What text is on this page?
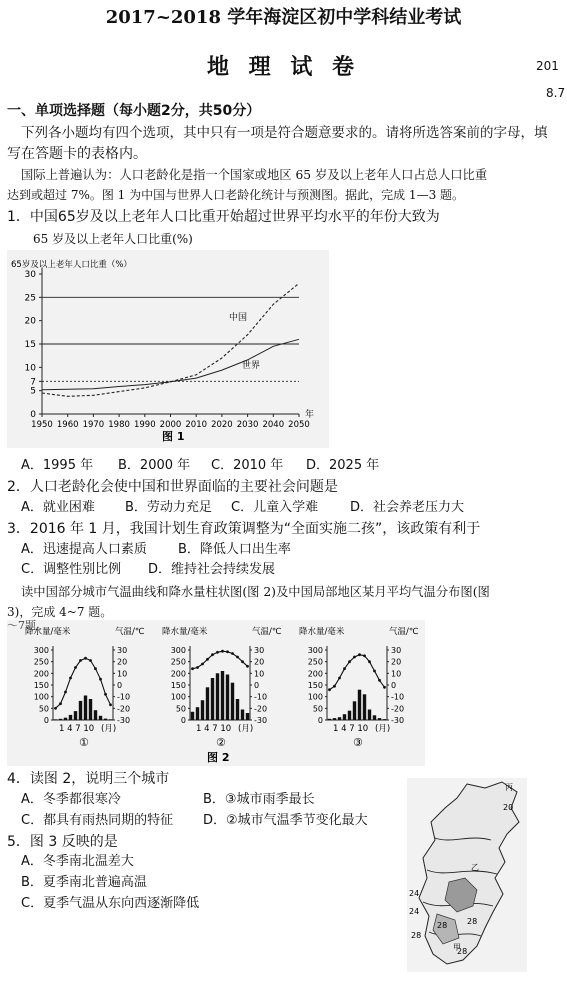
2017~2018 学年海淀区初中学科结业考试
地 理 试 卷	201
8.7
一、单项选择题（每小题2分，共50分）
下列各小题均有四个选项，其中只有一项是符合题意要求的。请将所选答案前的字母，填
写在答题卡的表格内。
国际上普遍认为：人口老龄化是指一个国家或地区 65 岁及以上老年人口占总人口比重
达到或超过 7%。图 1 为中国与世界人口老龄化统计与预测图。据此，完成 1—3 题。
1．中国65岁及以上老年人口比重开始超过世界平均水平的年份大致为
65 岁及以上老年人口比重(%)
65岁及以上老年人口比重（%）
0
5
7
10
15
20
25
30
1950 1960 1970 1980 1990 2000 2010 2020 2030 2040 2050
中国
世界
年
图 1
A．1995 年 B．2000 年 C．2010 年 D．2025 年
2．人口老龄化会使中国和世界面临的主要社会问题是
A．就业困难 B．劳动力充足 C．儿童入学难 D．社会养老压力大
3．2016 年 1 月，我国计划生育政策调整为“全面实施二孩”，该政策有利于
A．迅速提高人口素质 B．降低人口出生率
C．调整性别比例 D．维持社会持续发展
读中国部分城市气温曲线和降水量柱状图(图 2)及中国局部地区某月平均气温分布图(图
3)，完成 4~7 题。
～7题。
降水量/毫米	气温/℃
0
50
100
150
200
250
300
-30
-20
-10
0
10
20
30
1 4 7 10 (月)
①
降水量/毫米	气温/℃
0
50
100
150
200
250
300
-30
-20
-10
0
10
20
30
1 4 7 10 (月)
②
降水量/毫米	气温/℃
0
50
100
150
200
250
300
-30
-20
-10
0
10
20
30
1 4 7 10 (月)
③
图 2
4．读图 2，说明三个城市
A．冬季都很寒冷	B．③城市雨季最长
C．都具有雨热同期的特征 D．②城市气温季节变化最大
5．图 3 反映的是
A．冬季南北温差大
B．夏季南北普遍高温
C．夏季气温从东向西逐渐降低
20
24
24
28
28 28
28
丙
乙
甲
